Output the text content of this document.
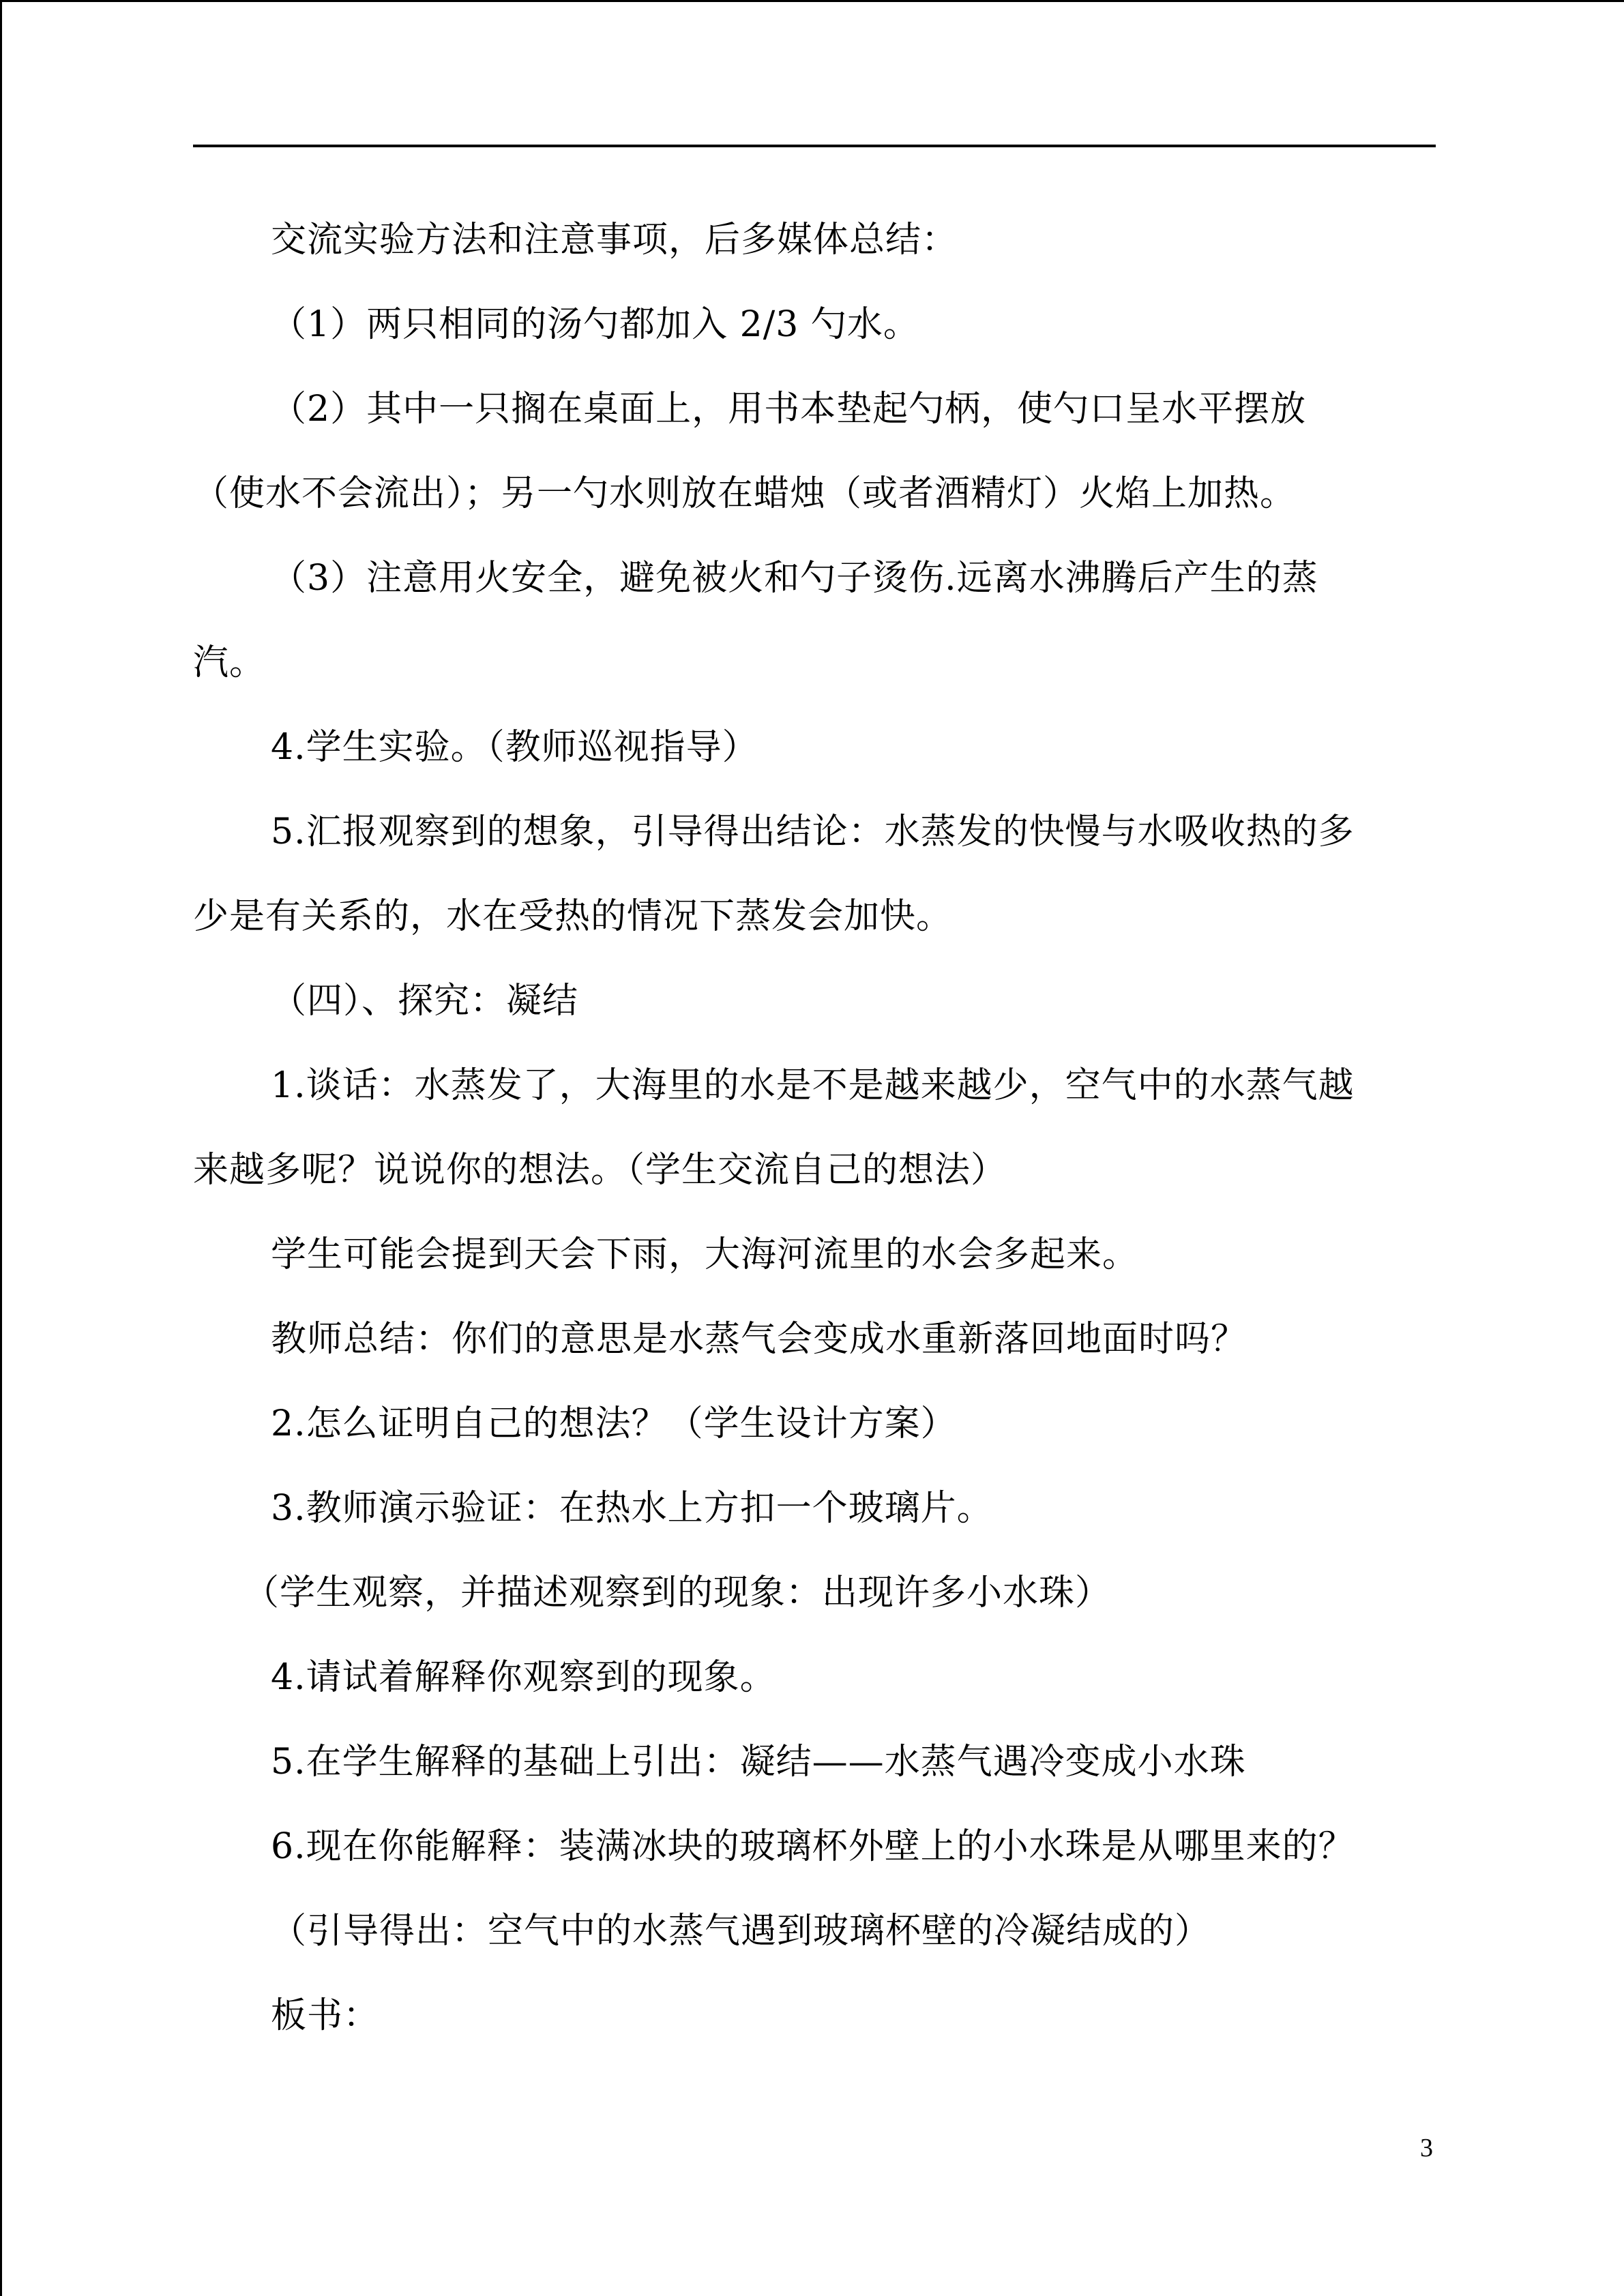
交流实验方法和注意事项，后多媒体总结：
（1）两只相同的汤勺都加入 2/3 勺水。
（2）其中一只搁在桌面上，用书本垫起勺柄，使勺口呈水平摆放
（使水不会流出）；另一勺水则放在蜡烛（或者酒精灯）火焰上加热。
（3）注意用火安全，避免被火和勺子烫伤.远离水沸腾后产生的蒸
汽。
4.学生实验。（教师巡视指导）
5.汇报观察到的想象，引导得出结论：水蒸发的快慢与水吸收热的多
少是有关系的，水在受热的情况下蒸发会加快。
（四）、探究：凝结
1.谈话：水蒸发了，大海里的水是不是越来越少，空气中的水蒸气越
来越多呢？说说你的想法。（学生交流自己的想法）
学生可能会提到天会下雨，大海河流里的水会多起来。
教师总结：你们的意思是水蒸气会变成水重新落回地面时吗？
2.怎么证明自己的想法？（学生设计方案）
3.教师演示验证：在热水上方扣一个玻璃片。
（学生观察，并描述观察到的现象：出现许多小水珠）
4.请试着解释你观察到的现象。
5.在学生解释的基础上引出：凝结——水蒸气遇冷变成小水珠
6.现在你能解释：装满冰块的玻璃杯外壁上的小水珠是从哪里来的？
（引导得出：空气中的水蒸气遇到玻璃杯壁的冷凝结成的）
板书：
3
